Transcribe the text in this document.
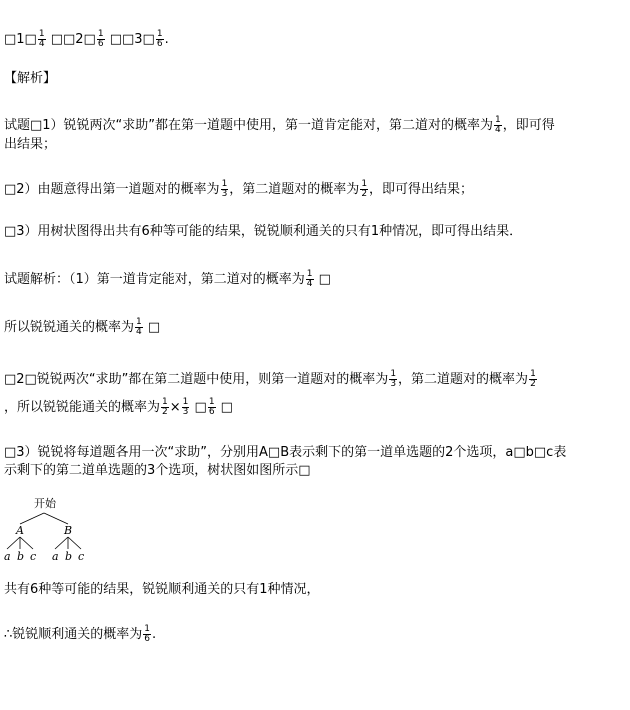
□1□ $\frac{1}{4}$ □□2□ $\frac{1}{6}$ □□3□ $\frac{1}{6}$ .
【解析】
试题□1）锐锐两次“求助”都在第一道题中使用，第一道肯定能对，第二道对的概率为 $\frac{1}{4}$ ，即可得
出结果；
□2）由题意得出第一道题对的概率为 $\frac{1}{3}$ ，第二道题对的概率为 $\frac{1}{2}$ ，即可得出结果；
□3）用树状图得出共有6种等可能的结果，锐锐顺利通关的只有1种情况，即可得出结果．
试题解析：（1）第一道肯定能对，第二道对的概率为 $\frac{1}{4}$ □
所以锐锐通关的概率为 $\frac{1}{4}$ □
□2□锐锐两次“求助”都在第二道题中使用，则第一道题对的概率为 $\frac{1}{3}$ ，第二道题对的概率为 $\frac{1}{2}$
，所以锐锐能通关的概率为 $\frac{1}{2} \times \frac{1}{3}$ □ $\frac{1}{6}$ □
□3）锐锐将每道题各用一次“求助”，分别用A□B表示剩下的第一道单选题的2个选项，a□b□c表
示剩下的第二道单选题的3个选项，树状图如图所示□
开始
A	B
a b c a b c
共有6种等可能的结果，锐锐顺利通关的只有1种情况，
∴锐锐顺利通关的概率为 $\frac{1}{6}$ .
